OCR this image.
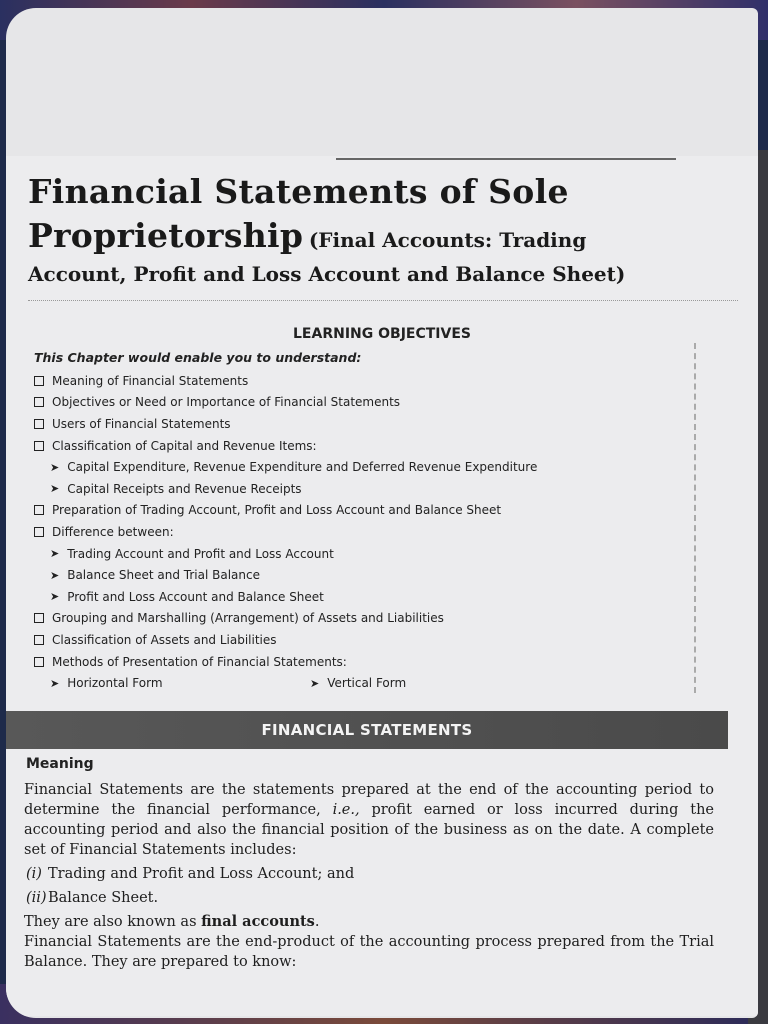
Financial Statements of Sole
Proprietorship (Final Accounts: Trading
Account, Profit and Loss Account and Balance Sheet)
LEARNING OBJECTIVES
This Chapter would enable you to understand:
Meaning of Financial Statements
Objectives or Need or Importance of Financial Statements
Users of Financial Statements
Classification of Capital and Revenue Items:
➤ Capital Expenditure, Revenue Expenditure and Deferred Revenue Expenditure
➤ Capital Receipts and Revenue Receipts
Preparation of Trading Account, Profit and Loss Account and Balance Sheet
Difference between:
➤ Trading Account and Profit and Loss Account
➤ Balance Sheet and Trial Balance
➤ Profit and Loss Account and Balance Sheet
Grouping and Marshalling (Arrangement) of Assets and Liabilities
Classification of Assets and Liabilities
Methods of Presentation of Financial Statements:
➤ Horizontal Form	➤ Vertical Form
FINANCIAL STATEMENTS
Meaning

Financial Statements are the statements prepared at the end of the accounting period to determine the financial performance, i.e., profit earned or loss incurred during the accounting period and also the financial position of the business as on the date. A complete set of Financial Statements includes:

(i) Trading and Profit and Loss Account; and
(ii) Balance Sheet.

They are also known as final accounts.

Financial Statements are the end-product of the accounting process prepared from the Trial Balance. They are prepared to know:
